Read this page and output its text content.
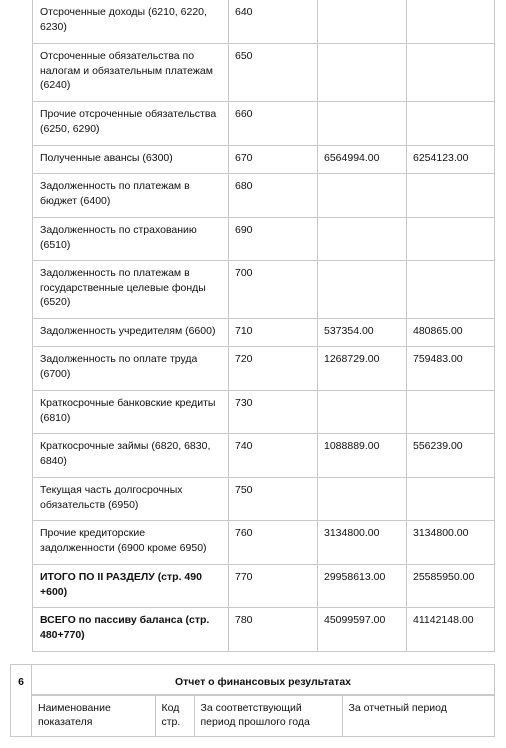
Отсроченные доходы (6210, 6220, 6230)	640		
Отсроченные обязательства по налогам и обязательным платежам (6240)	650		
Прочие отсроченные обязательства (6250, 6290)	660		
Полученные авансы (6300)	670	6564994.00	6254123.00
Задолженность по платежам в бюджет (6400)	680		
Задолженность по страхованию (6510)	690		
Задолженность по платежам в государственные целевые фонды (6520)	700		
Задолженность учредителям (6600)	710	537354.00	480865.00
Задолженность по оплате труда (6700)	720	1268729.00	759483.00
Краткосрочные банковские кредиты (6810)	730		
Краткосрочные займы (6820, 6830, 6840)	740	1088889.00	556239.00
Текущая часть долгосрочных обязательств (6950)	750		
Прочие кредиторские задолженности (6900 кроме 6950)	760	3134800.00	3134800.00
ИТОГО ПО II РАЗДЕЛУ (стр. 490 +600)	770	29958613.00	25585950.00
ВСЕГО по пассиву баланса (стр. 480+770)	780	45099597.00	41142148.00
6	Отчет о финансовых результатах

Наименование показателя	Код стр.	За соответствующий период прошлого года	За отчетный период
